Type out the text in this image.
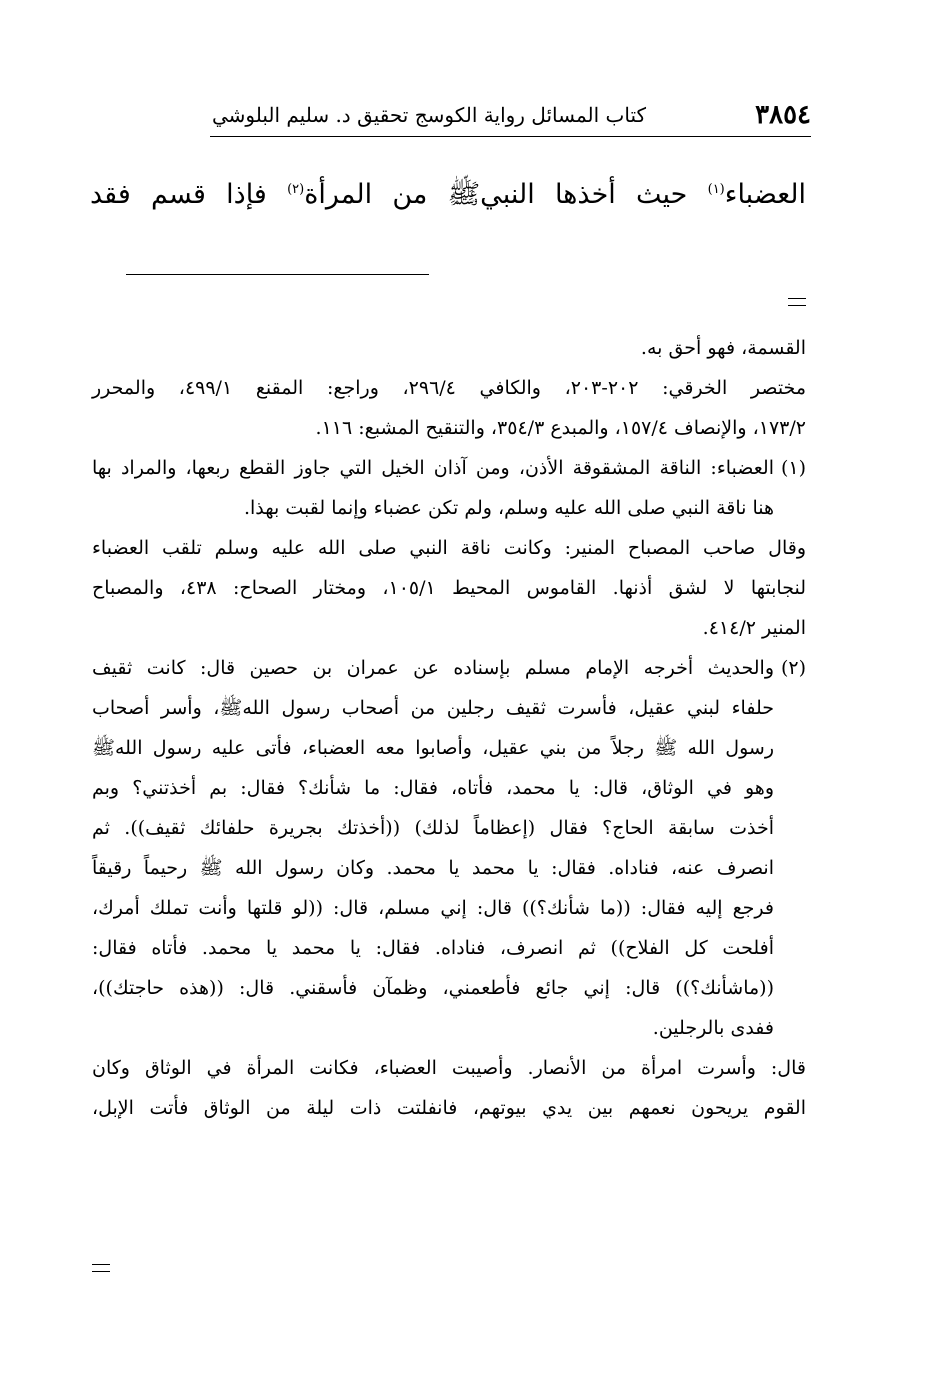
٣٨٥٤
كتاب المسائل رواية الكوسج تحقيق د. سليم البلوشي
العضباء$^{(١)}$ حيث أخذها النبيﷺ من المرأة$^{(٢)}$ فإذا قسم فقد

القسمة، فهو أحق به.

مختصر الخرقي: ٢٠٢-٢٠٣، والكافي ٢٩٦/٤، وراجع: المقنع ٤٩٩/١، والمحرر

١٧٣/٢، والإنصاف ١٥٧/٤، والمبدع ٣٥٤/٣، والتنقيح المشبع: ١١٦.

(١)

العضباء: الناقة المشقوقة الأذن، ومن آذان الخيل التي جاوز القطع ربعها، والمراد بها

هنا ناقة النبي صلى الله عليه وسلم، ولم تكن عضباء وإنما لقبت بهذا.

وقال صاحب المصباح المنير: وكانت ناقة النبي صلى الله عليه وسلم تلقب العضباء

لنجابتها لا لشق أذنها. القاموس المحيط ١٠٥/١، ومختار الصحاح: ٤٣٨، والمصباح

المنير ٤١٤/٢.

(٢)

والحديث أخرجه الإمام مسلم بإسناده عن عمران بن حصين قال: كانت ثقيف

حلفاء لبني عقيل، فأسرت ثقيف رجلين من أصحاب رسول اللهﷺ، وأسر أصحاب

رسول الله ﷺ رجلاً من بني عقيل، وأصابوا معه العضباء، فأتى عليه رسول اللهﷺ

وهو في الوثاق، قال: يا محمد، فأتاه، فقال: ما شأنك؟ فقال: بم أخذتني؟ وبم

أخذت سابقة الحاج؟ فقال (إعظاماً لذلك) ((أخذتك بجريرة حلفائك ثقيف)). ثم

انصرف عنه، فناداه. فقال: يا محمد يا محمد. وكان رسول الله ﷺ رحيماً رقيقاً

فرجع إليه فقال: ((ما شأنك؟)) قال: إني مسلم، قال: ((لو قلتها وأنت تملك أمرك،

أفلحت كل الفلاح)) ثم انصرف، فناداه. فقال: يا محمد يا محمد. فأتاه فقال:

((ماشأنك؟)) قال: إني جائع فأطعمني، وظمآن فأسقني. قال: ((هذه حاجتك))،

ففدى بالرجلين.

قال: وأسرت امرأة من الأنصار. وأصيبت العضباء، فكانت المرأة في الوثاق وكان

القوم يريحون نعمهم بين يدي بيوتهم، فانفلتت ذات ليلة من الوثاق فأتت الإبل،
